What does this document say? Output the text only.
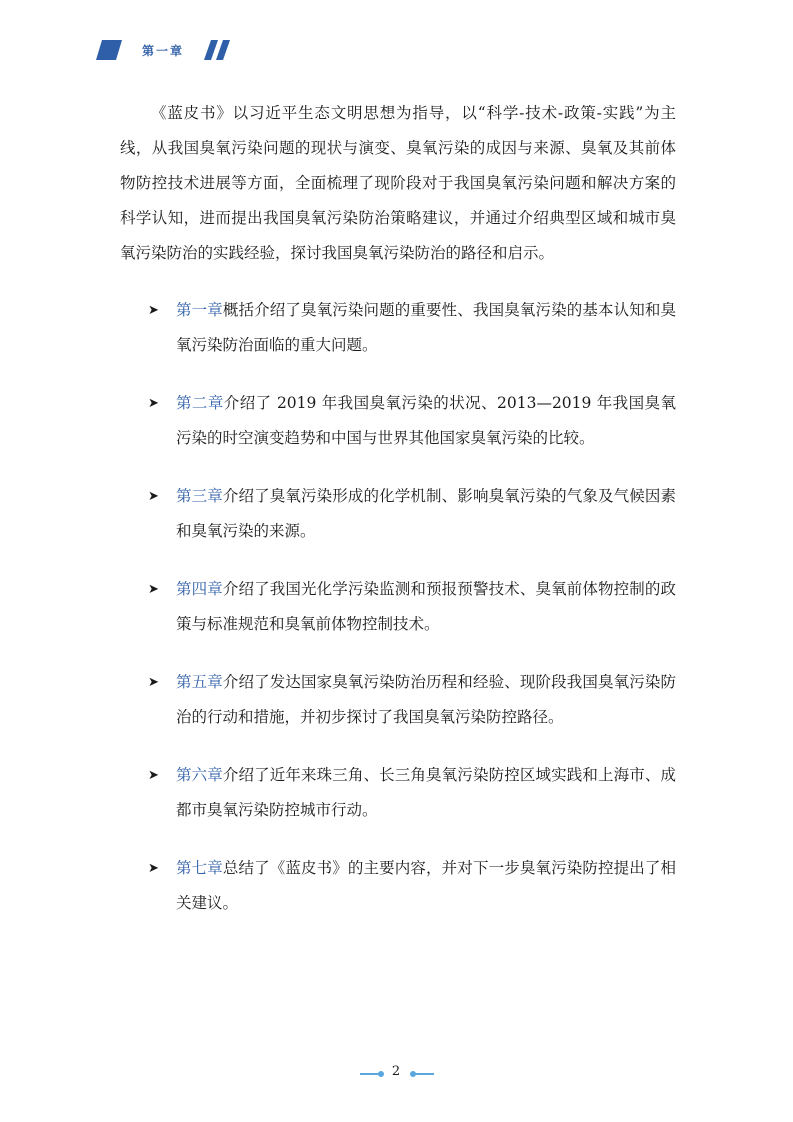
第一章

《蓝皮书》以习近平生态文明思想为指导，以“科学-技术-政策-实践”为主线，从我国臭氧污染问题的现状与演变、臭氧污染的成因与来源、臭氧及其前体物防控技术进展等方面，全面梳理了现阶段对于我国臭氧污染问题和解决方案的科学认知，进而提出我国臭氧污染防治策略建议，并通过介绍典型区域和城市臭氧污染防治的实践经验，探讨我国臭氧污染防治的路径和启示。

➤ 第一章概括介绍了臭氧污染问题的重要性、我国臭氧污染的基本认知和臭氧污染防治面临的重大问题。
➤ 第二章介绍了 2019 年我国臭氧污染的状况、2013—2019 年我国臭氧污染的时空演变趋势和中国与世界其他国家臭氧污染的比较。
➤ 第三章介绍了臭氧污染形成的化学机制、影响臭氧污染的气象及气候因素和臭氧污染的来源。
➤ 第四章介绍了我国光化学污染监测和预报预警技术、臭氧前体物控制的政策与标准规范和臭氧前体物控制技术。
➤ 第五章介绍了发达国家臭氧污染防治历程和经验、现阶段我国臭氧污染防治的行动和措施，并初步探讨了我国臭氧污染防控路径。
➤ 第六章介绍了近年来珠三角、长三角臭氧污染防控区域实践和上海市、成都市臭氧污染防控城市行动。
➤ 第七章总结了《蓝皮书》的主要内容，并对下一步臭氧污染防控提出了相关建议。
2
